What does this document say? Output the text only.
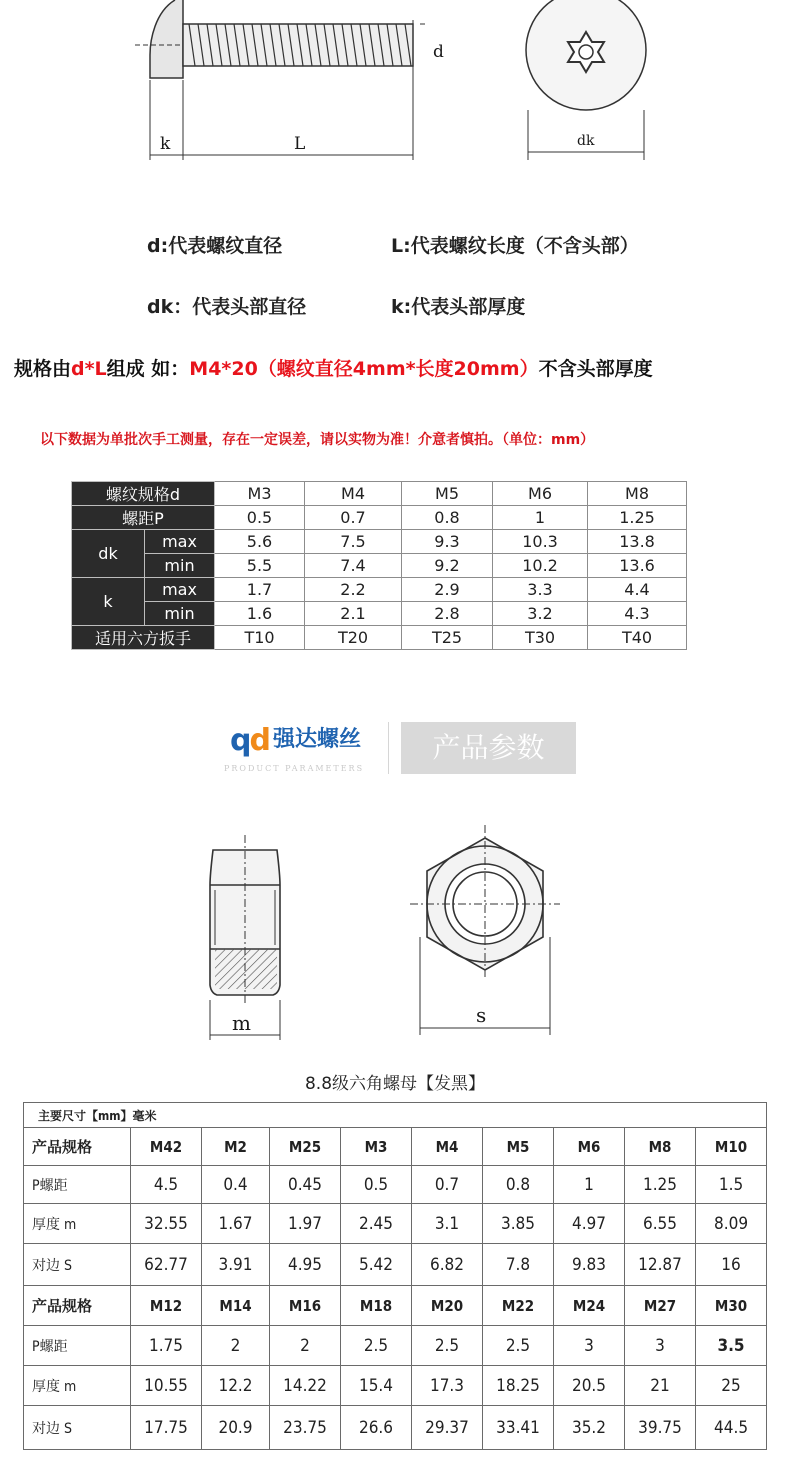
k	L
d
dk
d:代表螺纹直径	L:代表螺纹长度（不含头部）
dk：代表头部直径	k:代表头部厚度
规格由d*L组成 如：M4*20（螺纹直径4mm*长度20mm）不含头部厚度
以下数据为单批次手工测量，存在一定误差，请以实物为准！介意者慎拍。（单位：mm）
螺纹规格d		M3	M4	M5	M6	M8
螺距P		0.5	0.7	0.8	1	1.25
dk	max	5.6	7.5	9.3	10.3	13.8
	min	5.5	7.4	9.2	10.2	13.6
k	max	1.7	2.2	2.9	3.3	4.4
	min	1.6	2.1	2.8	3.2	4.3
适用六方扳手		T10	T20	T25	T30	T40
qd 强达螺丝
PRODUCT PARAMETERS
产品参数
m	s
8.8级六角螺母【发黑】
主要尺寸【mm】毫米									
产品规格	M42	M2	M25	M3	M4	M5	M6	M8	M10
P螺距	4.5	0.4	0.45	0.5	0.7	0.8	1	1.25	1.5
厚度 m	32.55	1.67	1.97	2.45	3.1	3.85	4.97	6.55	8.09
对边 S	62.77	3.91	4.95	5.42	6.82	7.8	9.83	12.87	16
产品规格	M12	M14	M16	M18	M20	M22	M24	M27	M30
P螺距	1.75	2	2	2.5	2.5	2.5	3	3	3.5
厚度 m	10.55	12.2	14.22	15.4	17.3	18.25	20.5	21	25
对边 S	17.75	20.9	23.75	26.6	29.37	33.41	35.2	39.75	44.5
